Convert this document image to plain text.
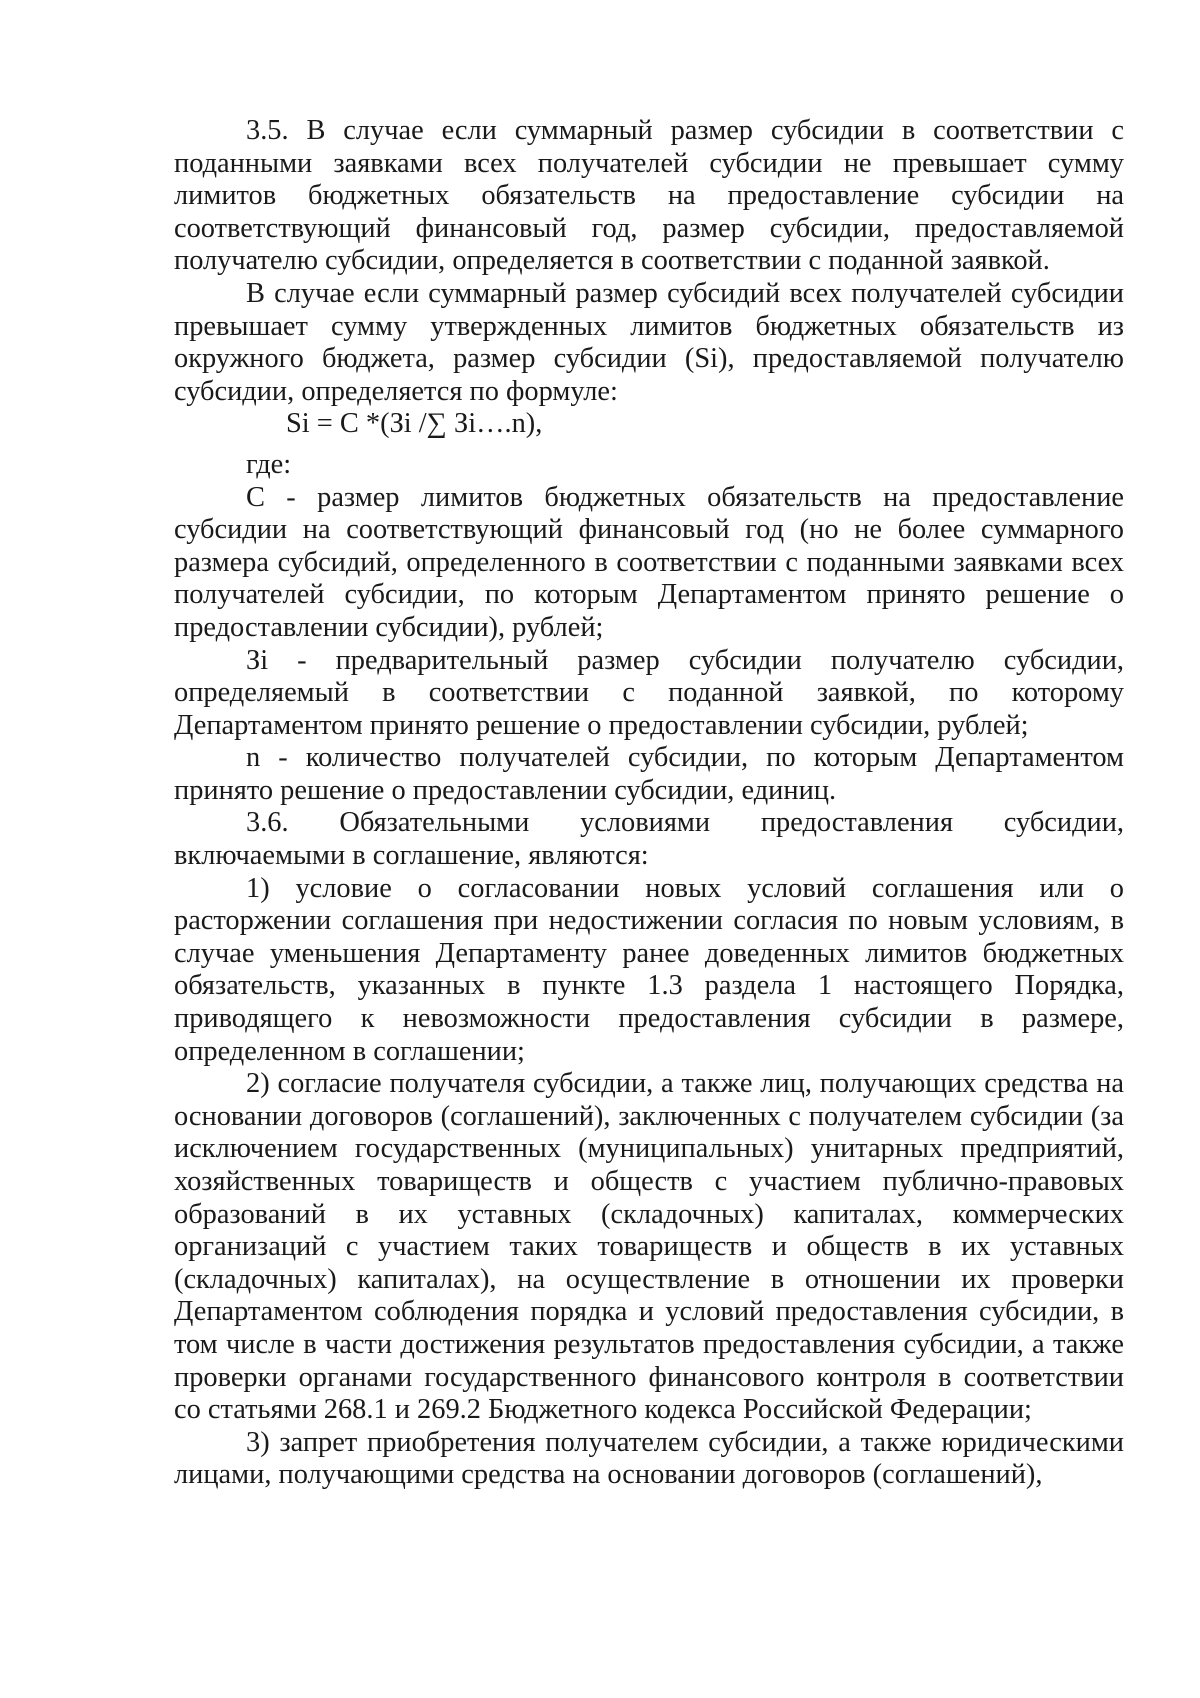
3.5. В случае если суммарный размер субсидии в соответствии с поданными заявками всех получателей субсидии не превышает сумму лимитов бюджетных обязательств на предоставление субсидии на соответствующий финансовый год, размер субсидии, предоставляемой получателю субсидии, определяется в соответствии с поданной заявкой.

В случае если суммарный размер субсидий всех получателей субсидии превышает сумму утвержденных лимитов бюджетных обязательств из окружного бюджета, размер субсидии (Si), предоставляемой получателю субсидии, определяется по формуле:

Si = С *(Зi /∑ Зi….n),

где:

С - размер лимитов бюджетных обязательств на предоставление субсидии на соответствующий финансовый год (но не более суммарного размера субсидий, определенного в соответствии с поданными заявками всех получателей субсидии, по которым Департаментом принято решение о предоставлении субсидии), рублей;

Зi - предварительный размер субсидии получателю субсидии, определяемый в соответствии с поданной заявкой, по которому Департаментом принято решение о предоставлении субсидии, рублей;

n - количество получателей субсидии, по которым Департаментом принято решение о предоставлении субсидии, единиц.

3.6. Обязательными условиями предоставления субсидии, включаемыми в соглашение, являются:

1) условие о согласовании новых условий соглашения или о расторжении соглашения при недостижении согласия по новым условиям, в случае уменьшения Департаменту ранее доведенных лимитов бюджетных обязательств, указанных в пункте 1.3 раздела 1 настоящего Порядка, приводящего к невозможности предоставления субсидии в размере, определенном в соглашении;

2) согласие получателя субсидии, а также лиц, получающих средства на основании договоров (соглашений), заключенных с получателем субсидии (за исключением государственных (муниципальных) унитарных предприятий, хозяйственных товариществ и обществ с участием публично-правовых образований в их уставных (складочных) капиталах, коммерческих организаций с участием таких товариществ и обществ в их уставных (складочных) капиталах), на осуществление в отношении их проверки Департаментом соблюдения порядка и условий предоставления субсидии, в том числе в части достижения результатов предоставления субсидии, а также проверки органами государственного финансового контроля в соответствии со статьями 268.1 и 269.2 Бюджетного кодекса Российской Федерации;

3) запрет приобретения получателем субсидии, а также юридическими лицами, получающими средства на основании договоров (соглашений),
